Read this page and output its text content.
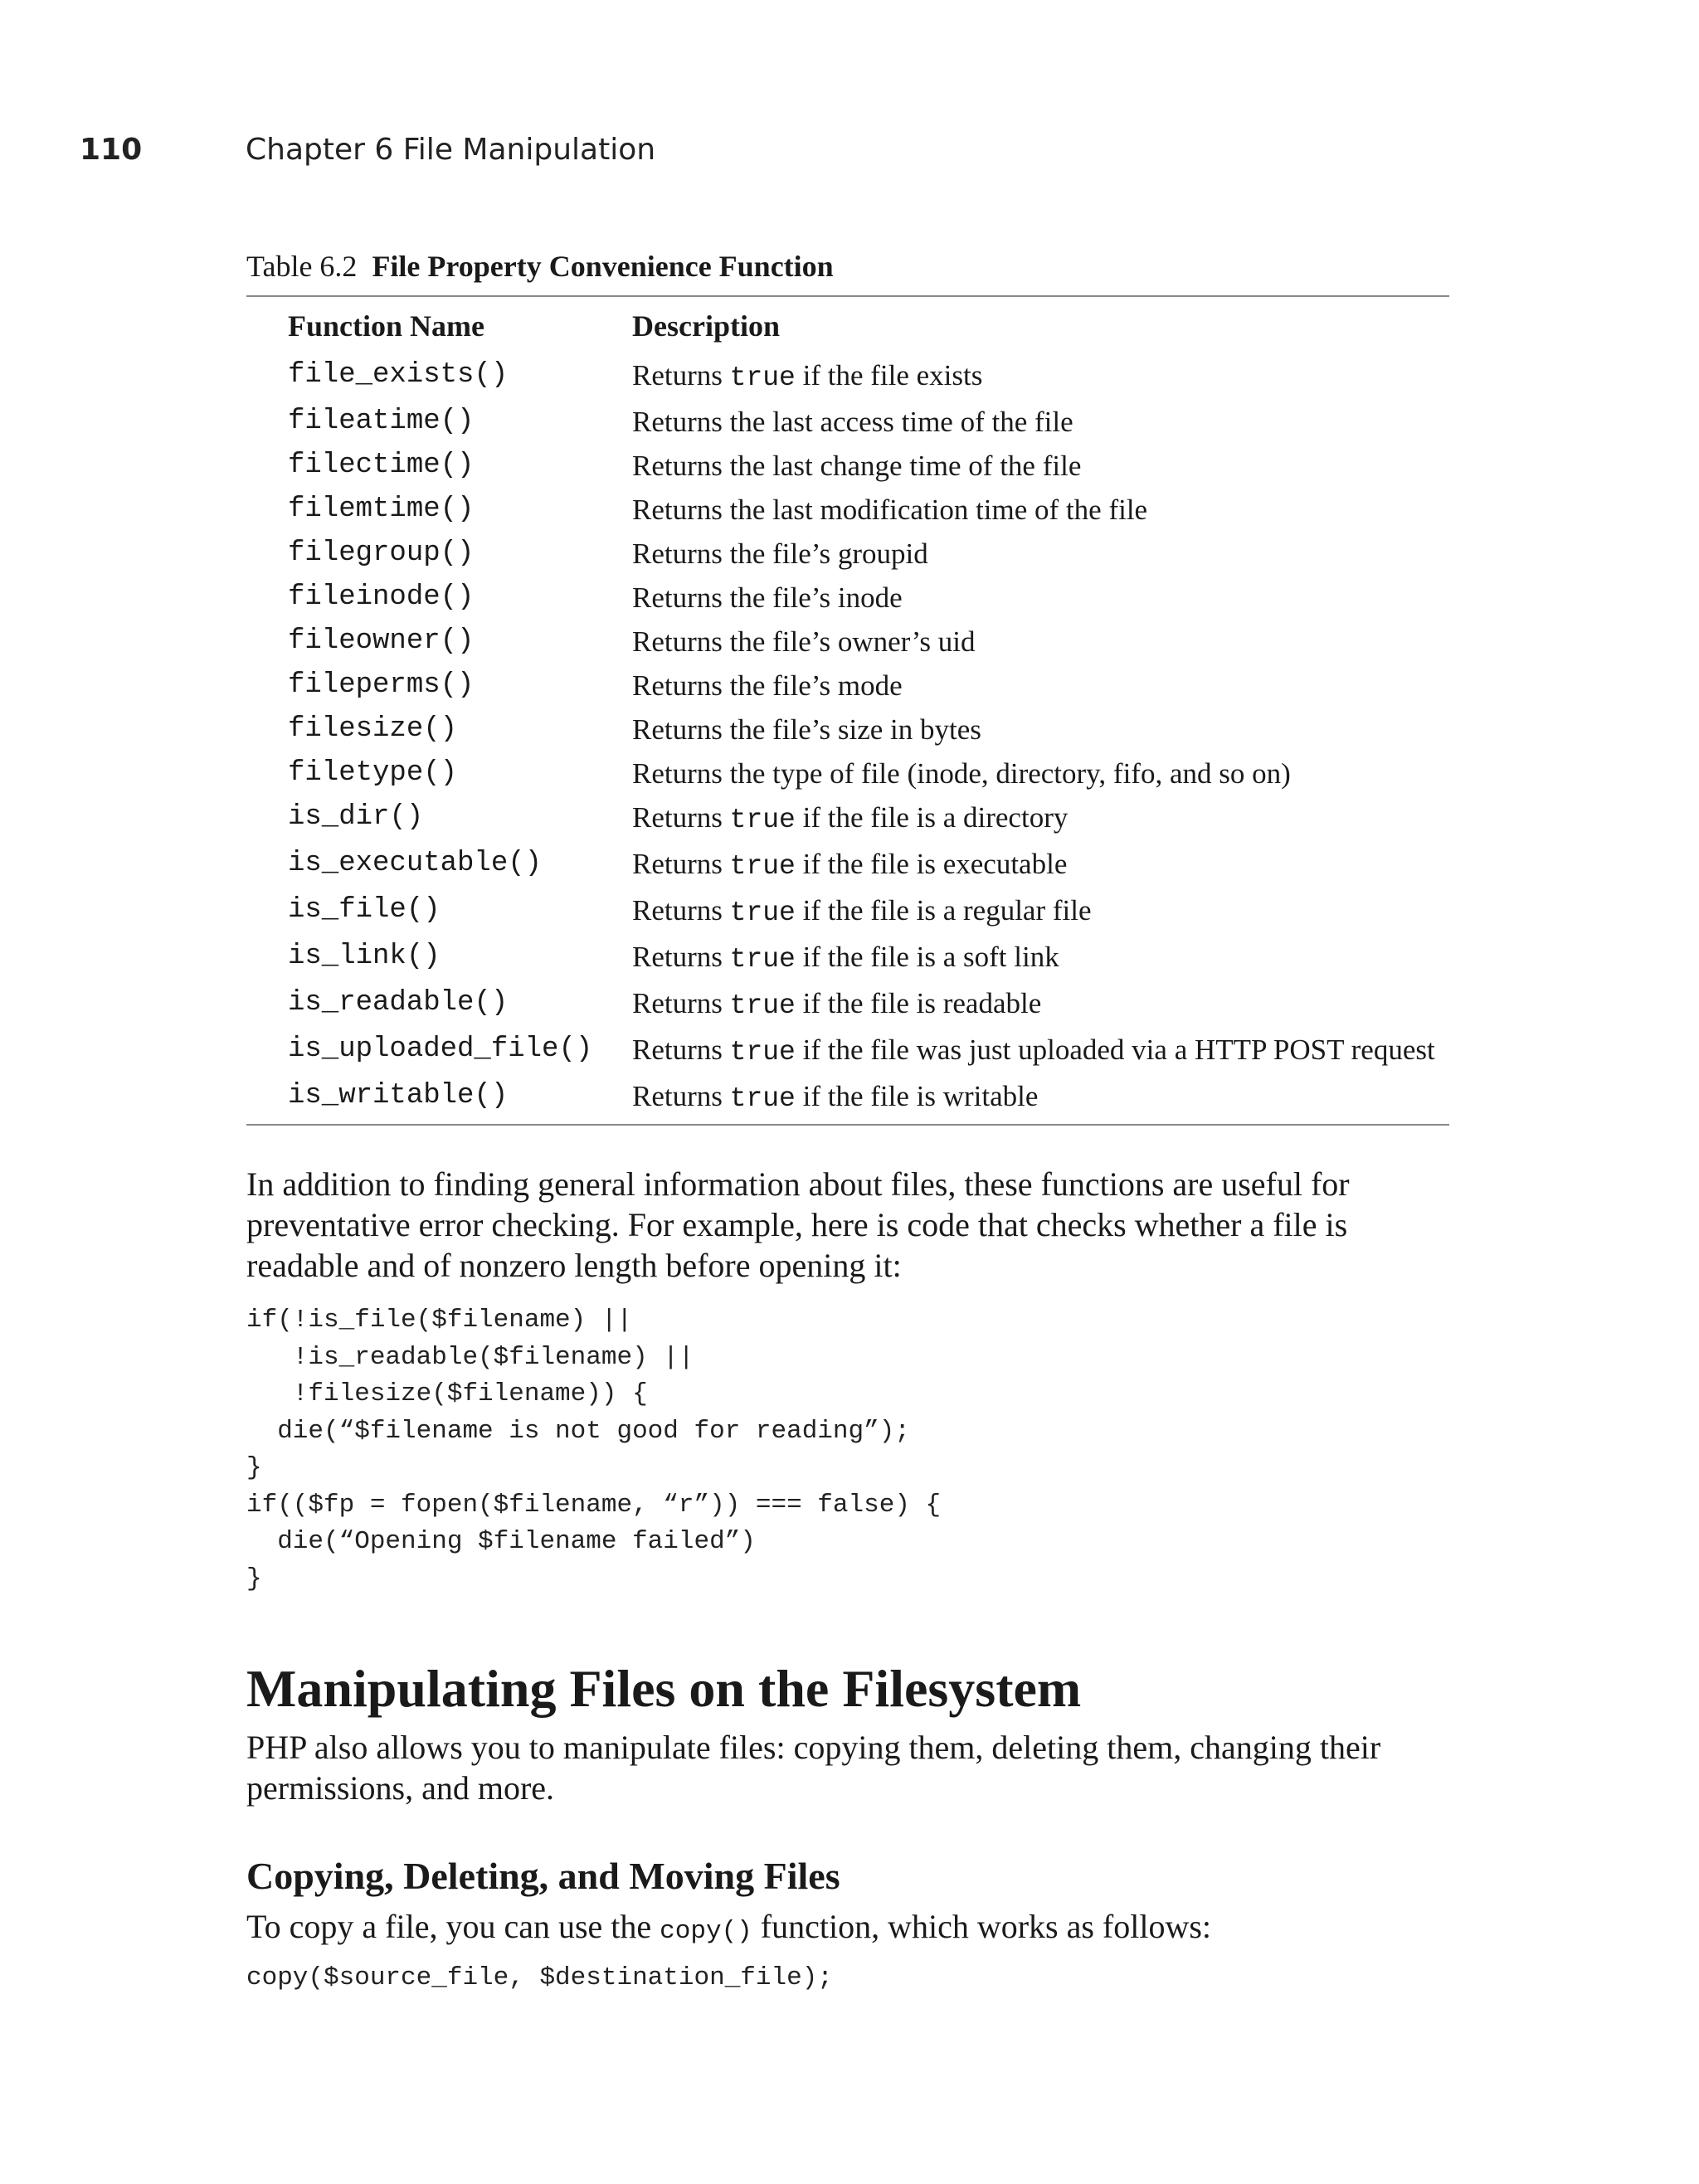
110	Chapter 6 File Manipulation
Table 6.2 File Property Convenience Function
Function Name	Description
file_exists()	Returns true if the file exists

fileatime()	Returns the last access time of the file

filectime()	Returns the last change time of the file

filemtime()	Returns the last modification time of the file

filegroup()	Returns the file’s groupid

fileinode()	Returns the file’s inode

fileowner()	Returns the file’s owner’s uid

fileperms()	Returns the file’s mode

filesize()	Returns the file’s size in bytes

filetype()	Returns the type of file (inode, directory, fifo, and so on)

is_dir()	Returns true if the file is a directory

is_executable()	Returns true if the file is executable

is_file()	Returns true if the file is a regular file

is_link()	Returns true if the file is a soft link

is_readable()	Returns true if the file is readable

is_uploaded_file()	Returns true if the file was just uploaded via a HTTP POST request

is_writable()	Returns true if the file is writable

In addition to finding general information about files, these functions are useful for preventative error checking. For example, here is code that checks whether a file is readable and of nonzero length before opening it:

if(!is_file($filename) ||
!is_readable($filename) ||
!filesize($filename)) {
die(“$filename is not good for reading”);
}
if(($fp = fopen($filename, “r”)) === false) {
die(“Opening $filename failed”)
}
Manipulating Files on the Filesystem

PHP also allows you to manipulate files: copying them, deleting them, changing their permissions, and more.

Copying, Deleting, and Moving Files

To copy a file, you can use the copy() function, which works as follows:

copy($source_file, $destination_file);
